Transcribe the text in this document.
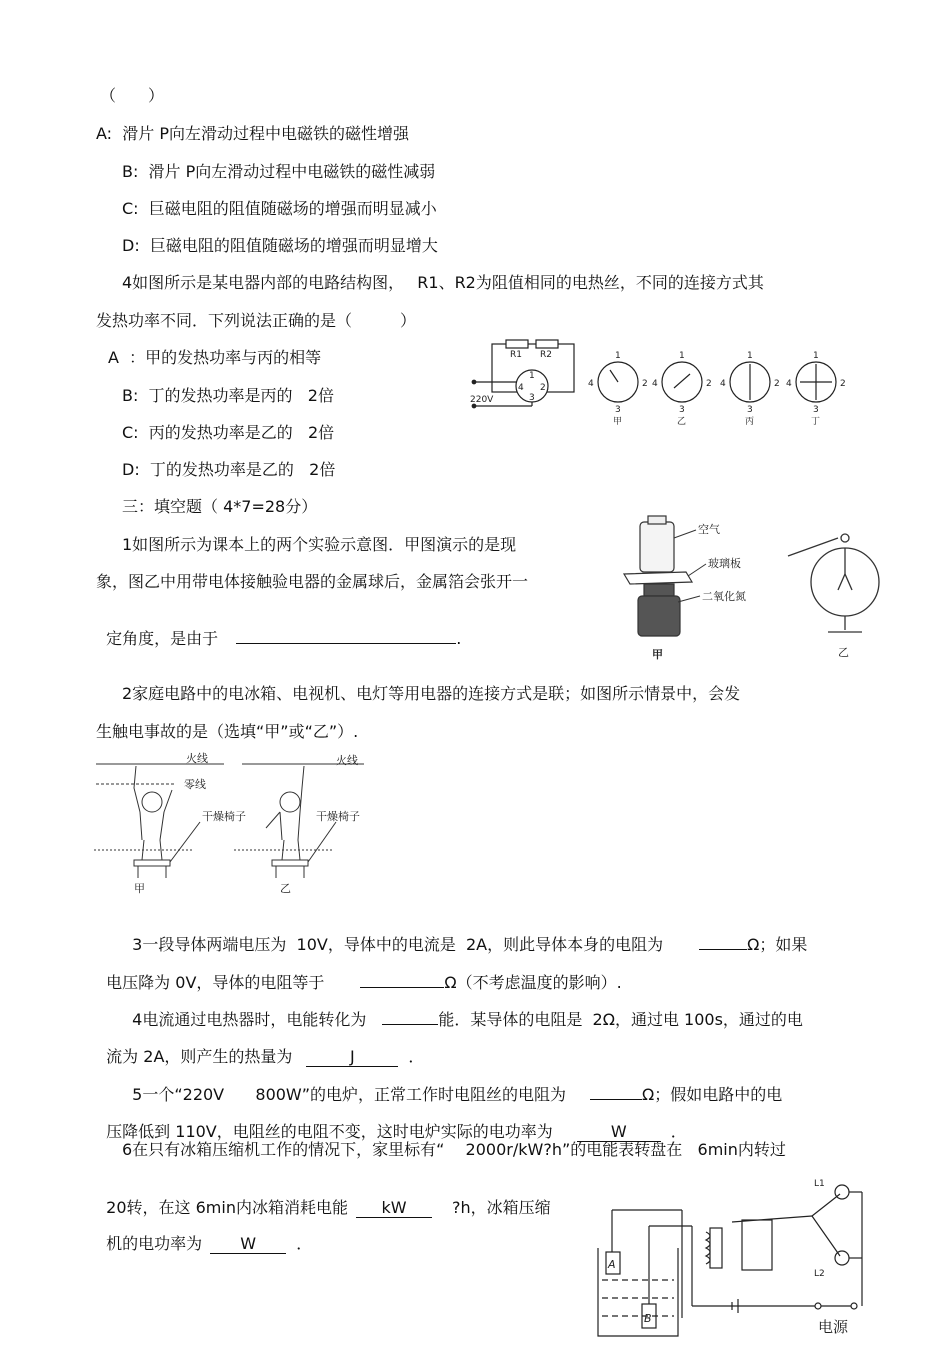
（　　）
A:  滑片 P向左滑动过程中电磁铁的磁性增强
B:  滑片 P向左滑动过程中电磁铁的磁性减弱
C:  巨磁电阻的阻值随磁场的增强而明显减小
D:  巨磁电阻的阻值随磁场的增强而明显增大
4如图所示是某电器内部的电路结构图，　 R1、R2为阻值相同的电热丝，不同的连接方式其
发热功率不同．下列说法正确的是（　　　）
A  ：甲的发热功率与丙的相等
B:  丁的发热功率是丙的   2倍
C:  丙的发热功率是乙的   2倍
D:  丁的发热功率是乙的   2倍
R1 R2
220V
1
2
3
4
1	1	1	1
2	2	2	2
3	3	3	3
4	4	4	4
甲	乙	丙	丁
三：填空题（ 4*7=28分）
1如图所示为课本上的两个实验示意图．甲图演示的是现
象，图乙中用带电体接触验电器的金属球后，金属箔会张开一

定角度，是由于	.

空气
玻璃板
二氧化氮
甲	乙
2家庭电路中的电冰箱、电视机、电灯等用电器的连接方式是联；如图所示情景中，会发
生触电事故的是（选填“甲”或“乙”）.
火线
零线
干燥椅子
火线
干燥椅子
甲	乙

3一段导体两端电压为  10V，导体中的电流是  2A，则此导体本身的电阻为	Ω；如果

电压降为 0V，导体的电阻等于	Ω（不考虑温度的影响）.

4电流通过电热器时，电能转化为	能．某导体的电阻是  2Ω，通过电 100s，通过的电

流为 2A，则产生的热量为	J	．

5一个“220V　   800W”的电炉，正常工作时电阻丝的电阻为	Ω；假如电路中的电

压降低到 110V，电阻丝的电阻不变，这时电炉实际的电功率为	W	．

6在只有冰箱压缩机工作的情况下，家里标有“　 2000r/kW?h”的电能表转盘在   6min内转过

20转，在这 6min内冰箱消耗电能 kW	?h，冰箱压缩

机的电功率为 W	．

A
B
L1
L2
电源
